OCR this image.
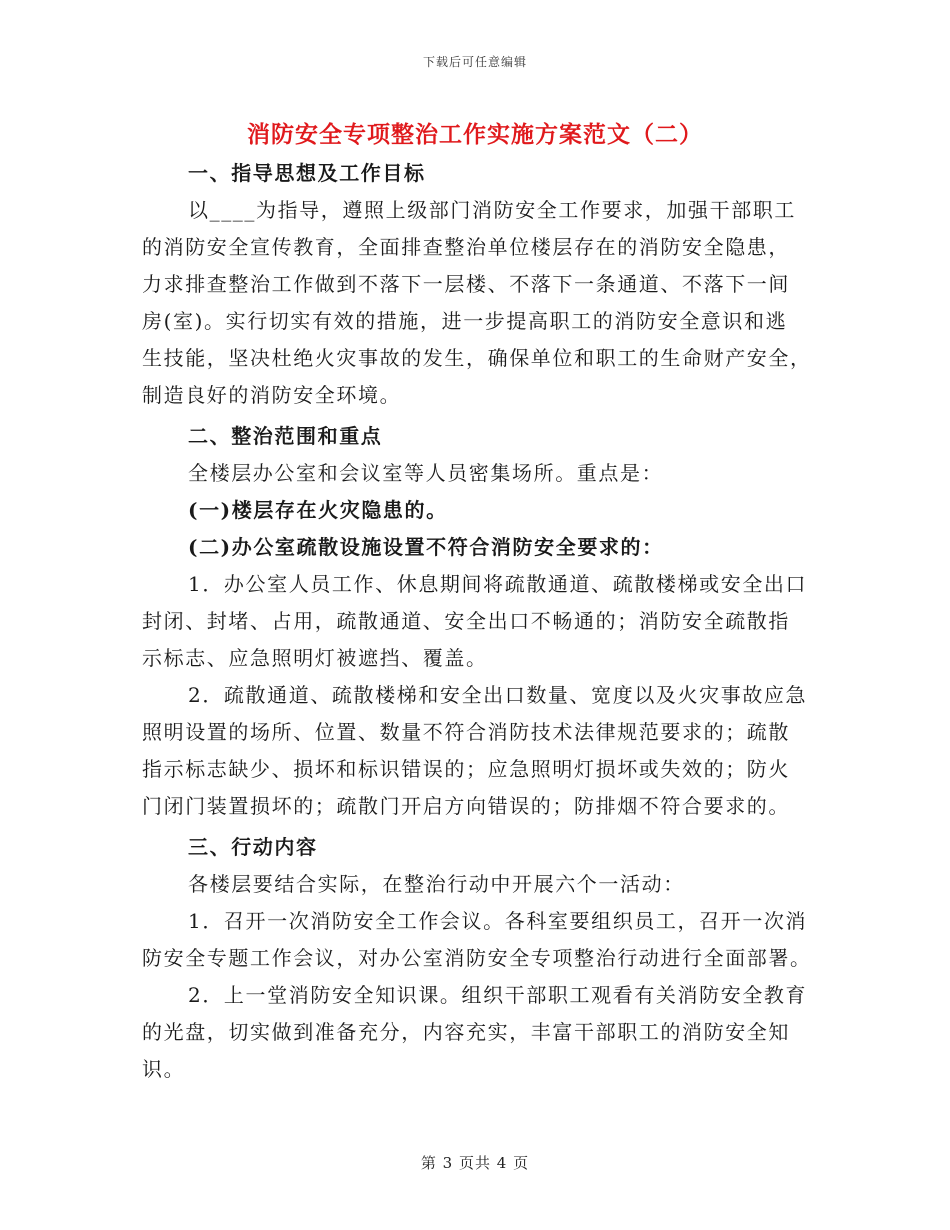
下载后可任意编辑
消防安全专项整治工作实施方案范文（二）
一、指导思想及工作目标
以____为指导，遵照上级部门消防安全工作要求，加强干部职工
的消防安全宣传教育，全面排查整治单位楼层存在的消防安全隐患，
力求排查整治工作做到不落下一层楼、不落下一条通道、不落下一间
房(室)。实行切实有效的措施，进一步提高职工的消防安全意识和逃
生技能，坚决杜绝火灾事故的发生，确保单位和职工的生命财产安全，
制造良好的消防安全环境。
二、整治范围和重点
全楼层办公室和会议室等人员密集场所。重点是：
(一)楼层存在火灾隐患的。
(二)办公室疏散设施设置不符合消防安全要求的：
1．办公室人员工作、休息期间将疏散通道、疏散楼梯或安全出口
封闭、封堵、占用，疏散通道、安全出口不畅通的；消防安全疏散指
示标志、应急照明灯被遮挡、覆盖。
2．疏散通道、疏散楼梯和安全出口数量、宽度以及火灾事故应急
照明设置的场所、位置、数量不符合消防技术法律规范要求的；疏散
指示标志缺少、损坏和标识错误的；应急照明灯损坏或失效的；防火
门闭门装置损坏的；疏散门开启方向错误的；防排烟不符合要求的。
三、行动内容
各楼层要结合实际，在整治行动中开展六个一活动：
1．召开一次消防安全工作会议。各科室要组织员工，召开一次消
防安全专题工作会议，对办公室消防安全专项整治行动进行全面部署。
2．上一堂消防安全知识课。组织干部职工观看有关消防安全教育
的光盘，切实做到准备充分，内容充实，丰富干部职工的消防安全知
识。
第 3 页共 4 页
